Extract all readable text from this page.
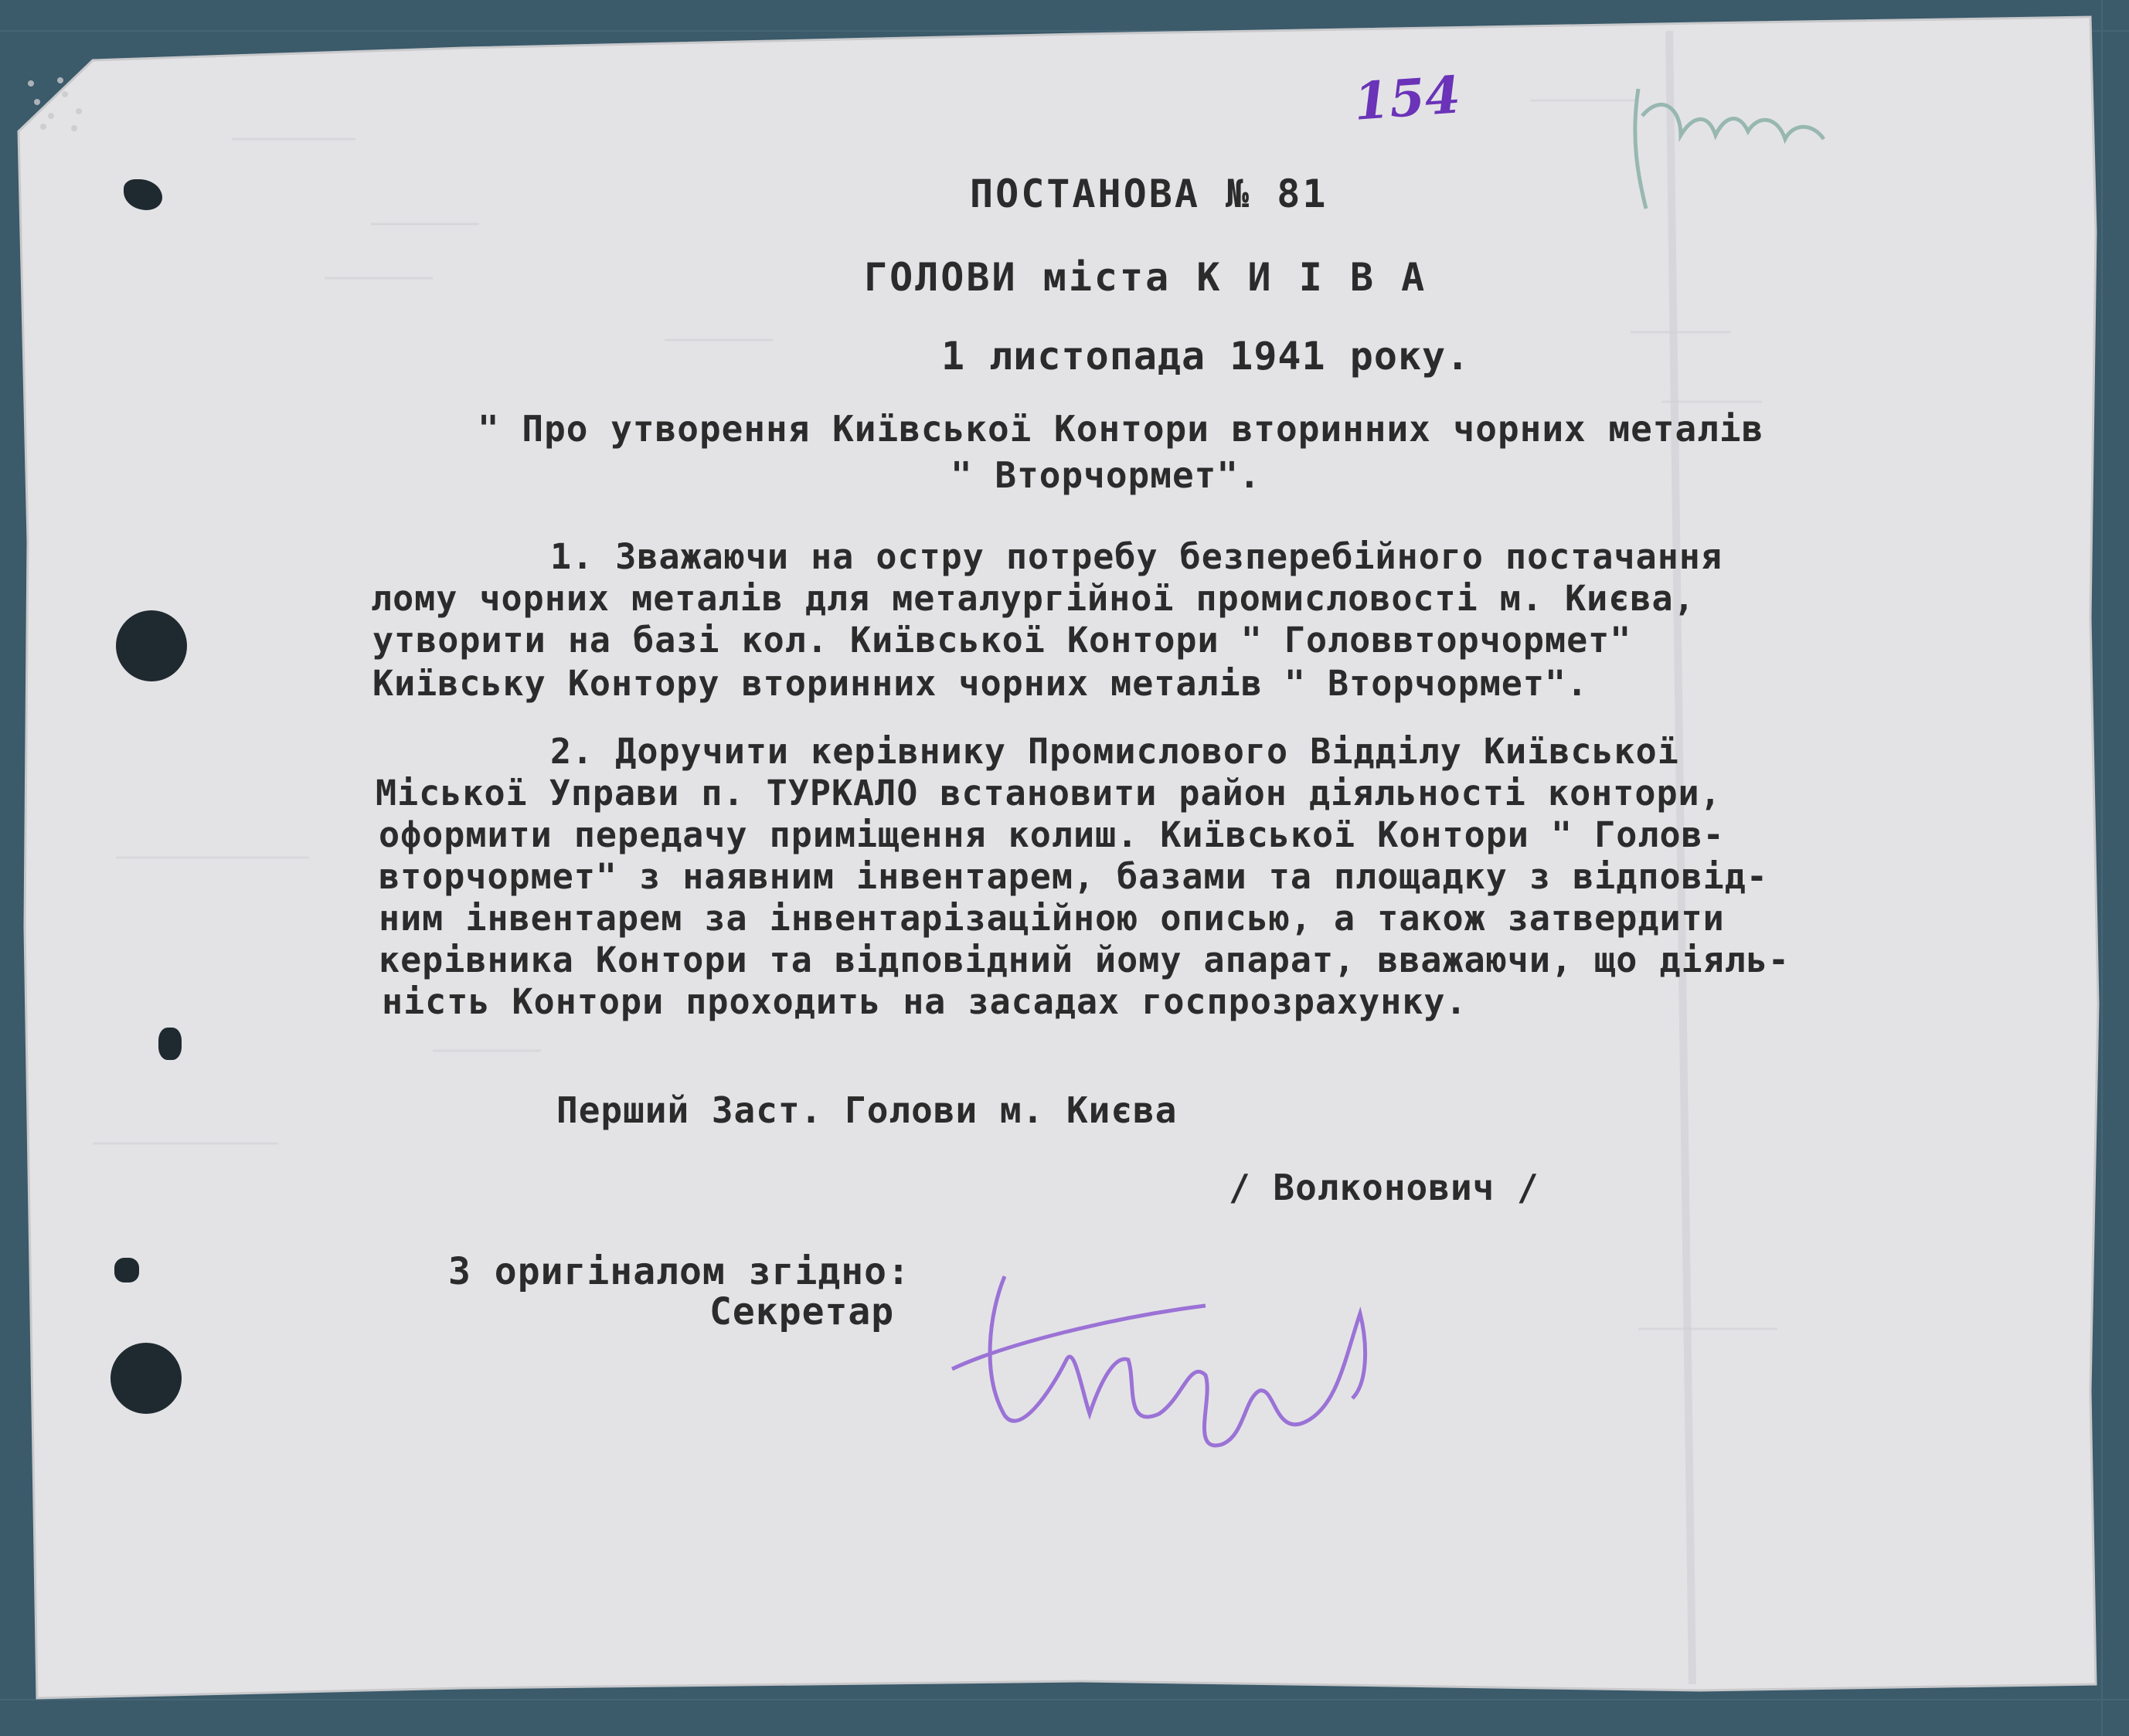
154
ПОСТАНОВА № 81
ГОЛОВИ міста К И І В А
1 листопада 1941 року.
" Про утворення Київської Контори вторинних чорних металів
" Вторчормет".
1. Зважаючи на остру потребу безперебійного постачання
лому чорних металів для металургійної промисловості м. Києва,
утворити на базі кол. Київської Контори " Головвторчормет"
Київську Контору вторинних чорних металів " Вторчормет".
2. Доручити керівнику Промислового Відділу Київської
Міської Управи п. ТУРКАЛО встановити район діяльності контори,
оформити передачу приміщення колиш. Київської Контори " Голов-
вторчормет" з наявним інвентарем, базами та площадку з відповід-
ним інвентарем за інвентарізаційною описью, а також затвердити
керівника Контори та відповідний йому апарат, вважаючи, що діяль-
ність Контори проходить на засадах госпрозрахунку.
Перший Заст. Голови м. Києва
/ Волконович /
З оригіналом згідно:
Секретар
